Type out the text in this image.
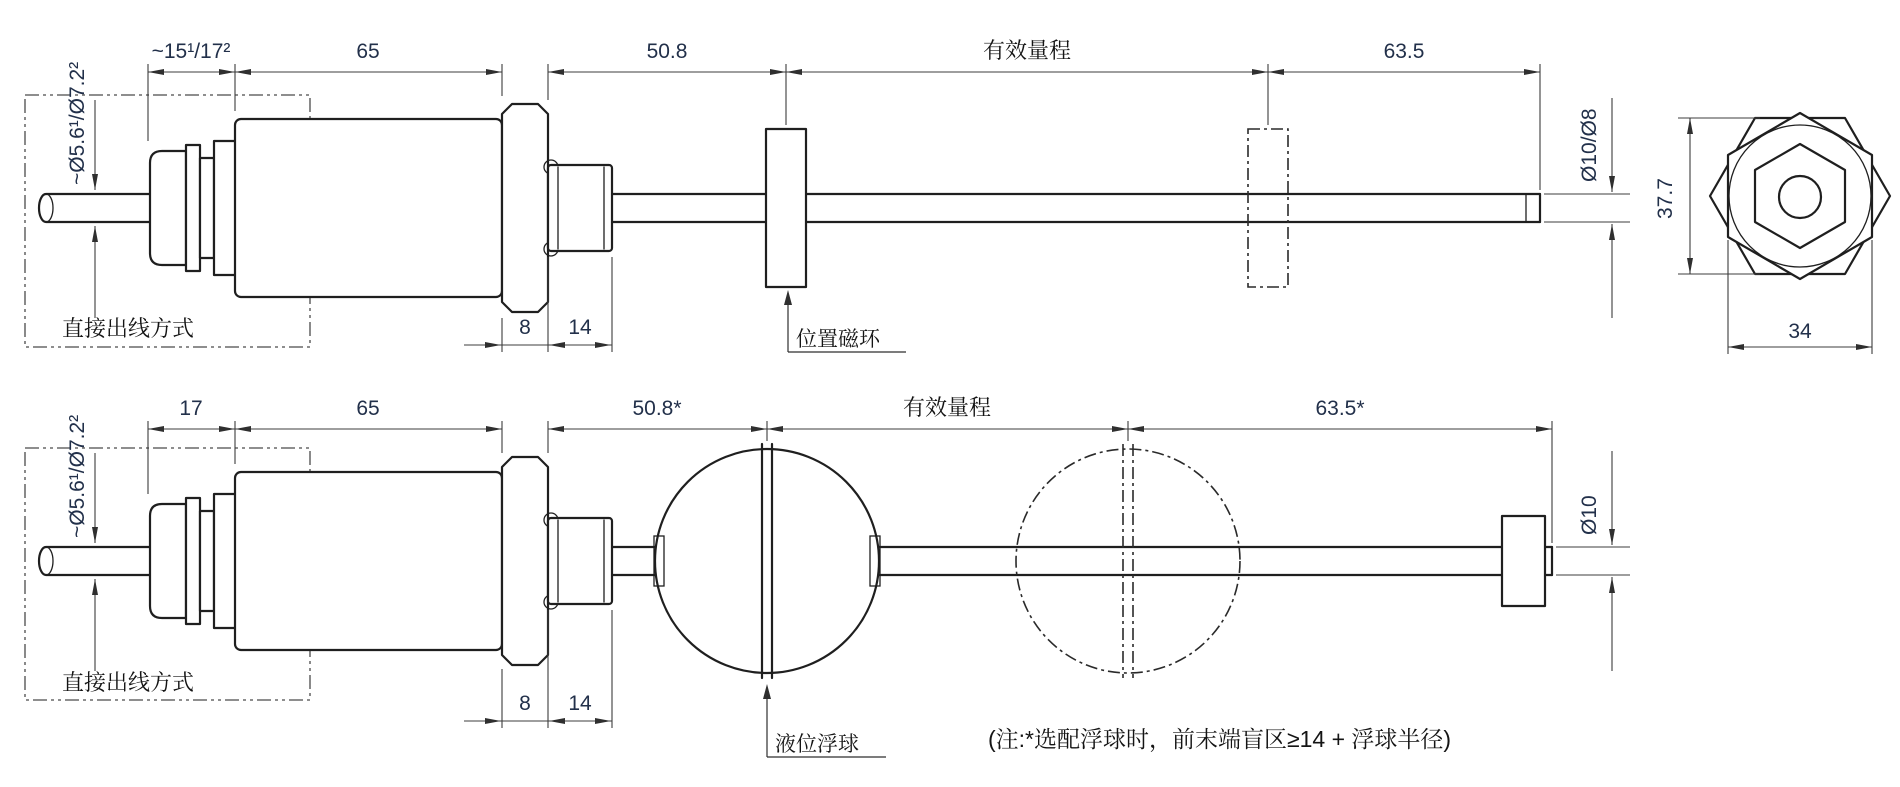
直接出线方式
~15¹/17²	65	50.8	有效量程	63.5
~Ø5.6¹/Ø7.2²	Ø10/Ø8
8 14
位置磁环
直接出线方式
17	65	50.8*	有效量程	63.5*
~Ø5.6¹/Ø7.2²	Ø10
8 14
液位浮球	(注:*选配浮球时，前末端盲区≥14 + 浮球半径)
37.7
34
